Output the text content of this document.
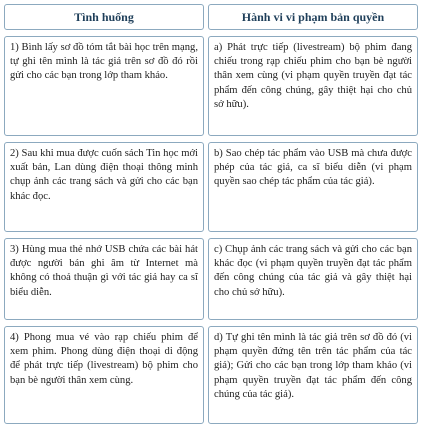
Tình huống
1) Bình lấy sơ đồ tóm tắt bài học trên mạng, tự ghi tên mình là tác giả trên sơ đồ đó rồi gửi cho các bạn trong lớp tham khảo.
2) Sau khi mua được cuốn sách Tin học mới xuất bản, Lan dùng điện thoại thông minh chụp ảnh các trang sách và gửi cho các bạn khác đọc.
3) Hùng mua thẻ nhớ USB chứa các bài hát được người bán ghi âm từ Internet mà không có thoả thuận gì với tác giả hay ca sĩ biểu diễn.
4) Phong mua vé vào rạp chiếu phim để xem phim. Phong dùng điện thoại di động để phát trực tiếp (livestream) bộ phim cho bạn bè người thân xem cùng.
Hành vi vi phạm bản quyền
a) Phát trực tiếp (livestream) bộ phim đang chiếu trong rạp chiếu phim cho bạn bè người thân xem cùng (vi phạm quyền truyền đạt tác phẩm đến công chúng, gây thiệt hại cho chủ sở hữu).
b) Sao chép tác phẩm vào USB mà chưa được phép của tác giả, ca sĩ biểu diễn (vi phạm quyền sao chép tác phẩm của tác giả).
c) Chụp ảnh các trang sách và gửi cho các bạn khác đọc (vi phạm quyền truyền đạt tác phẩm đến công chúng của tác giả và gây thiệt hại cho chủ sở hữu).
d) Tự ghi tên mình là tác giả trên sơ đồ đó (vi phạm quyền đứng tên trên tác phẩm của tác giả); Gửi cho các bạn trong lớp tham khảo (vi phạm quyền truyền đạt tác phẩm đến công chúng của tác giả).
